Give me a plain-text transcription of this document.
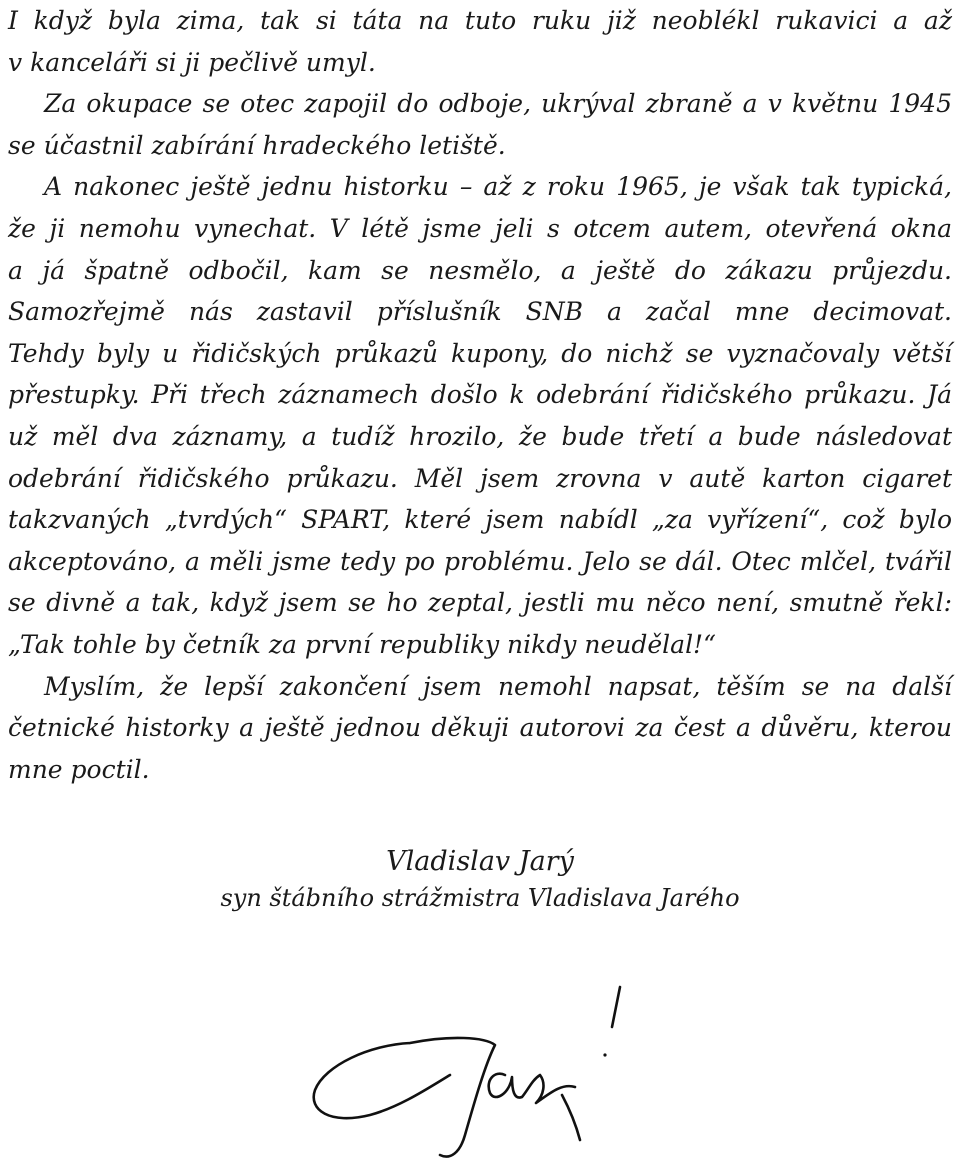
I když byla zima, tak si táta na tuto ruku již neoblékl rukavici a až
v kanceláři si ji pečlivě umyl.
Za okupace se otec zapojil do odboje, ukrýval zbraně a v květnu 1945
se účastnil zabírání hradeckého letiště.
A nakonec ještě jednu historku – až z roku 1965, je však tak typická,
že ji nemohu vynechat. V létě jsme jeli s otcem autem, otevřená okna
a já špatně odbočil, kam se nesmělo, a ještě do zákazu průjezdu.
Samozřejmě nás zastavil příslušník SNB a začal mne decimovat.
Tehdy byly u řidičských průkazů kupony, do nichž se vyznačovaly větší
přestupky. Při třech záznamech došlo k odebrání řidičského průkazu. Já
už měl dva záznamy, a tudíž hrozilo, že bude třetí a bude následovat
odebrání řidičského průkazu. Měl jsem zrovna v autě karton cigaret
takzvaných „tvrdých“ SPART, které jsem nabídl „za vyřízení“, což bylo
akceptováno, a měli jsme tedy po problému. Jelo se dál. Otec mlčel, tvářil
se divně a tak, když jsem se ho zeptal, jestli mu něco není, smutně řekl:
„Tak tohle by četník za první republiky nikdy neudělal!“
Myslím, že lepší zakončení jsem nemohl napsat, těším se na další
četnické historky a ještě jednou děkuji autorovi za čest a důvěru, kterou
mne poctil.
Vladislav Jarý
syn štábního strážmistra Vladislava Jarého
